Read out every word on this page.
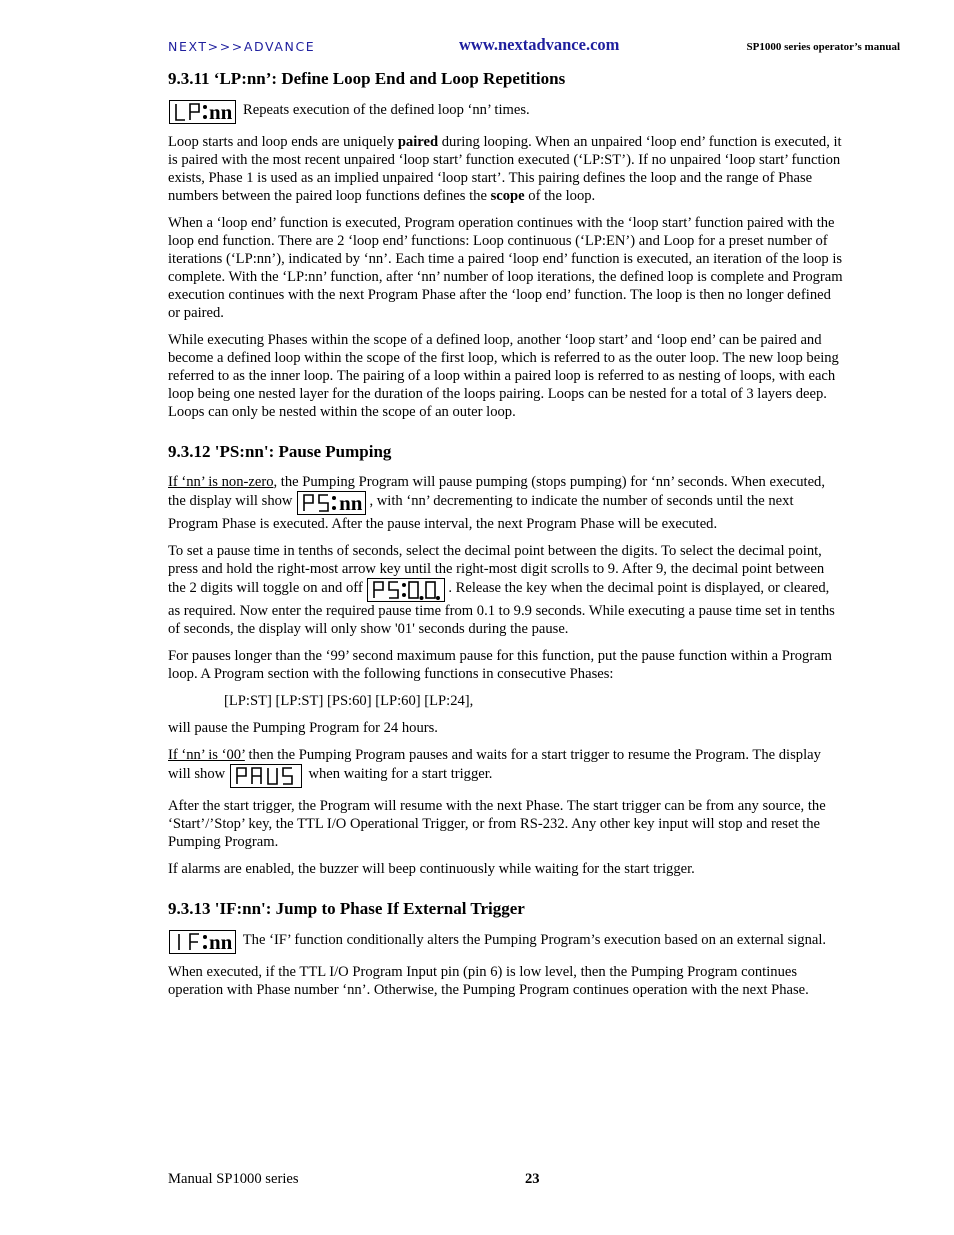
NEXT>>>ADVANCE	www.nextadvance.com	SP1000 series operator’s manual
9.3.11 ‘LP:nn’: Define Loop End and Loop Repetitions

nn Repeats execution of the defined loop ‘nn’ times.

Loop starts and loop ends are uniquely paired during looping. When an unpaired ‘loop end’ function is executed, it is paired with the most recent unpaired ‘loop start’ function executed (‘LP:ST’). If no unpaired ‘loop start’ function exists, Phase 1 is used as an implied unpaired ‘loop start’. This pairing defines the loop and the range of Phase numbers between the paired loop functions defines the scope of the loop.

When a ‘loop end’ function is executed, Program operation continues with the ‘loop start’ function paired with the loop end function. There are 2 ‘loop end’ functions: Loop continuous (‘LP:EN’) and Loop for a preset number of iterations (‘LP:nn’), indicated by ‘nn’. Each time a paired ‘loop end’ function is executed, an iteration of the loop is complete. With the ‘LP:nn’ function, after ‘nn’ number of loop iterations, the defined loop is complete and Program execution continues with the next Program Phase after the ‘loop end’ function. The loop is then no longer defined or paired.

While executing Phases within the scope of a defined loop, another ‘loop start’ and ‘loop end’ can be paired and become a defined loop within the scope of the first loop, which is referred to as the outer loop. The new loop being referred to as the inner loop. The pairing of a loop within a paired loop is referred to as nesting of loops, with each loop being one nested layer for the duration of the loops pairing. Loops can be nested for a total of 3 layers deep. Loops can only be nested within the scope of an outer loop.

9.3.12 'PS:nn': Pause Pumping

If ‘nn’ is non-zero, the Pumping Program will pause pumping (stops pumping) for ‘nn’ seconds. When executed, the display will show nn , with ‘nn’ decrementing to indicate the number of seconds until the next Program Phase is executed. After the pause interval, the next Program Phase will be executed.

To set a pause time in tenths of seconds, select the decimal point between the digits. To select the decimal point, press and hold the right-most arrow key until the right-most digit scrolls to 9. After 9, the decimal point between the 2 digits will toggle on and off	. Release the key when the decimal point is displayed, or cleared, as required. Now enter the required pause time from 0.1 to 9.9 seconds. While executing a pause time set in tenths of seconds, the display will only show '01' seconds during the pause.

For pauses longer than the ‘99’ second maximum pause for this function, put the pause function within a Program loop. A Program section with the following functions in consecutive Phases:

[LP:ST] [LP:ST] [PS:60] [LP:60] [LP:24],

will pause the Pumping Program for 24 hours.

If ‘nn’ is ‘00’ then the Pumping Program pauses and waits for a start trigger to resume the Program. The display will show	when waiting for a start trigger.

After the start trigger, the Program will resume with the next Phase. The start trigger can be from any source, the ‘Start’/’Stop’ key, the TTL I/O Operational Trigger, or from RS-232. Any other key input will stop and reset the Pumping Program.

If alarms are enabled, the buzzer will beep continuously while waiting for the start trigger.

9.3.13 'IF:nn': Jump to Phase If External Trigger

nn The ‘IF’ function conditionally alters the Pumping Program’s execution based on an external signal.

When executed, if the TTL I/O Program Input pin (pin 6) is low level, then the Pumping Program continues operation with Phase number ‘nn’. Otherwise, the Pumping Program continues operation with the next Phase.

Manual SP1000 series	23
